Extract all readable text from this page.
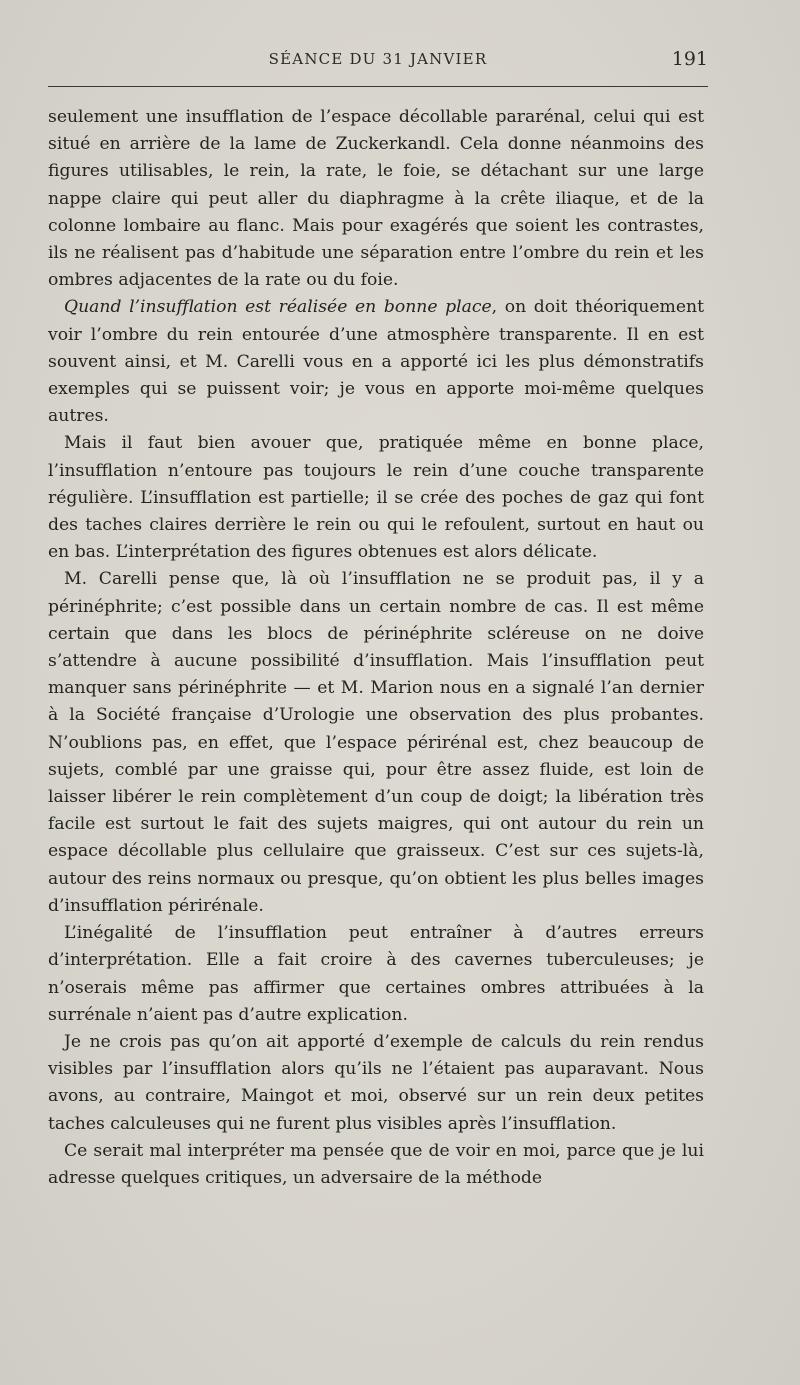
SÉANCE DU 31 JANVIER	191

seulement une insufflation de l’espace décollable pararénal, celui qui est situé en arrière de la lame de Zuckerkandl. Cela donne néanmoins des figures utilisables, le rein, la rate, le foie, se détachant sur une large nappe claire qui peut aller du diaphragme à la crête iliaque, et de la colonne lombaire au flanc. Mais pour exagérés que soient les contrastes, ils ne réalisent pas d’habitude une séparation entre l’ombre du rein et les ombres adjacentes de la rate ou du foie.

Quand l’insufflation est réalisée en bonne place, on doit théoriquement voir l’ombre du rein entourée d’une atmosphère transparente. Il en est souvent ainsi, et M. Carelli vous en a apporté ici les plus démonstratifs exemples qui se puissent voir; je vous en apporte moi-même quelques autres.

Mais il faut bien avouer que, pratiquée même en bonne place, l’insufflation n’entoure pas toujours le rein d’une couche transparente régulière. L’insufflation est partielle; il se crée des poches de gaz qui font des taches claires derrière le rein ou qui le refoulent, surtout en haut ou en bas. L’interprétation des figures obtenues est alors délicate.

M. Carelli pense que, là où l’insufflation ne se produit pas, il y a périnéphrite; c’est possible dans un certain nombre de cas. Il est même certain que dans les blocs de périnéphrite scléreuse on ne doive s’attendre à aucune possibilité d’insufflation. Mais l’insufflation peut manquer sans périnéphrite — et M. Marion nous en a signalé l’an dernier à la Société française d’Urologie une observation des plus probantes. N’oublions pas, en effet, que l’espace périrénal est, chez beaucoup de sujets, comblé par une graisse qui, pour être assez fluide, est loin de laisser libérer le rein complètement d’un coup de doigt; la libération très facile est surtout le fait des sujets maigres, qui ont autour du rein un espace décollable plus cellulaire que graisseux. C’est sur ces sujets-là, autour des reins normaux ou presque, qu’on obtient les plus belles images d’insufflation périrénale.

L’inégalité de l’insufflation peut entraîner à d’autres erreurs d’interprétation. Elle a fait croire à des cavernes tuberculeuses; je n’oserais même pas affirmer que certaines ombres attribuées à la surrénale n’aient pas d’autre explication.

Je ne crois pas qu’on ait apporté d’exemple de calculs du rein rendus visibles par l’insufflation alors qu’ils ne l’étaient pas auparavant. Nous avons, au contraire, Maingot et moi, observé sur un rein deux petites taches calculeuses qui ne furent plus visibles après l’insufflation.

Ce serait mal interpréter ma pensée que de voir en moi, parce que je lui adresse quelques critiques, un adversaire de la méthode
